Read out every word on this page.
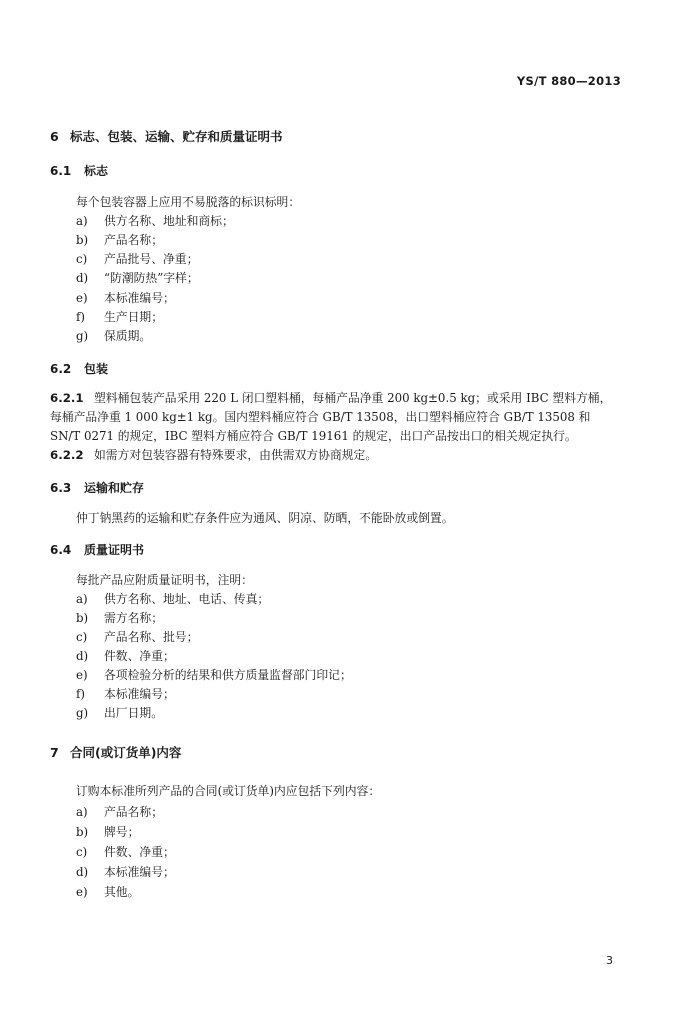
YS/T 880—2013
6 标志、包装、运输、贮存和质量证明书
6.1 标志
每个包装容器上应用不易脱落的标识标明：
a) 供方名称、地址和商标；
b) 产品名称；
c) 产品批号、净重；
d) “防潮防热”字样；
e) 本标准编号；
f) 生产日期；
g) 保质期。
6.2 包装
6.2.1 塑料桶包装产品采用 220 L 闭口塑料桶，每桶产品净重 200 kg±0.5 kg；或采用 IBC 塑料方桶，
每桶产品净重 1 000 kg±1 kg。国内塑料桶应符合 GB/T 13508，出口塑料桶应符合 GB/T 13508 和
SN/T 0271 的规定，IBC 塑料方桶应符合 GB/T 19161 的规定，出口产品按出口的相关规定执行。
6.2.2 如需方对包装容器有特殊要求，由供需双方协商规定。
6.3 运输和贮存
仲丁钠黑药的运输和贮存条件应为通风、阴凉、防晒，不能卧放或倒置。
6.4 质量证明书
每批产品应附质量证明书，注明：
a) 供方名称、地址、电话、传真；
b) 需方名称；
c) 产品名称、批号；
d) 件数、净重；
e) 各项检验分析的结果和供方质量监督部门印记；
f) 本标准编号；
g) 出厂日期。
7 合同(或订货单)内容
订购本标准所列产品的合同(或订货单)内应包括下列内容：
a) 产品名称；
b) 牌号；
c) 件数、净重；
d) 本标准编号；
e) 其他。
3
